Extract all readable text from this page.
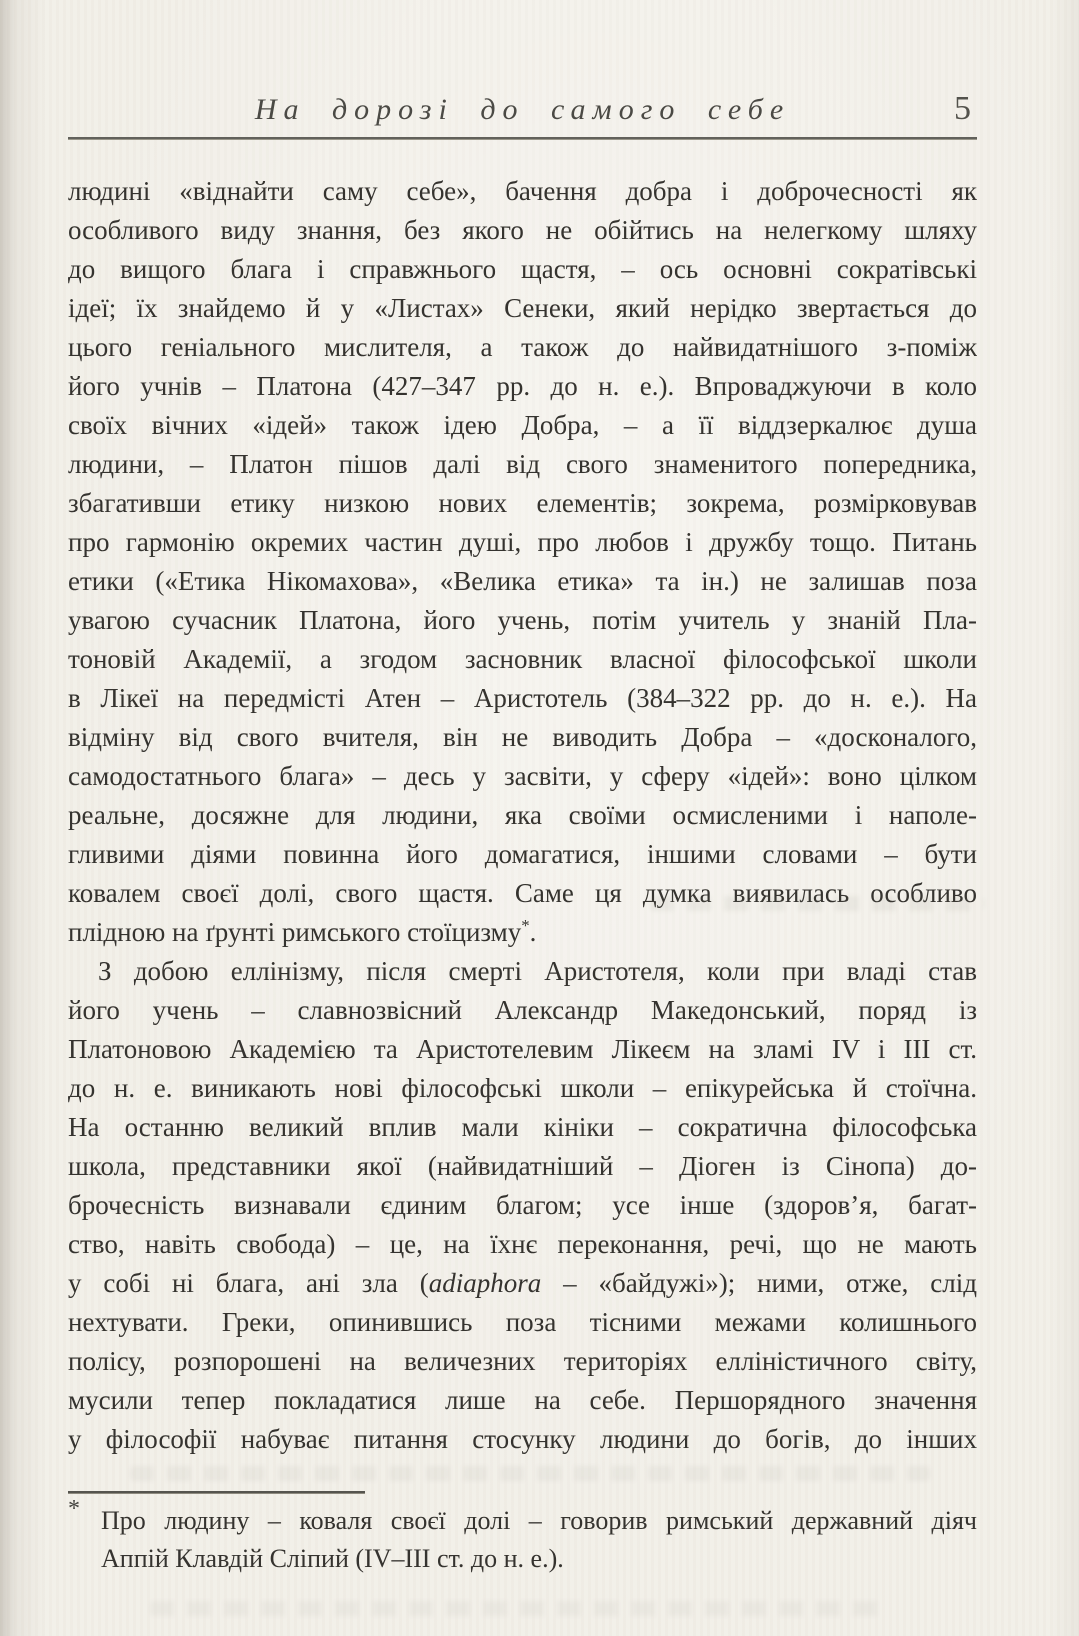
На дорозі до самого себе	5
людині «віднайти саму себе», бачення добра і доброчесності як
особливого виду знання, без якого не обійтись на нелегкому шляху
до вищого блага і справжнього щастя, – ось основні сократівські
ідеї; їх знайдемо й у «Листах» Сенеки, який нерідко звертається до
цього геніального мислителя, а також до найвидатнішого з-поміж
його учнів – Платона (427–347 рр. до н. е.). Впроваджуючи в коло
своїх вічних «ідей» також ідею Добра, – а її віддзеркалює душа
людини, – Платон пішов далі від свого знаменитого попередника,
збагативши етику низкою нових елементів; зокрема, розмірковував
про гармонію окремих частин душі, про любов і дружбу тощо. Питань
етики («Етика Нікомахова», «Велика етика» та ін.) не залишав поза
увагою сучасник Платона, його учень, потім учитель у знаній Пла-
тоновій Академії, а згодом засновник власної філософської школи
в Лікеї на передмісті Атен – Аристотель (384–322 рр. до н. е.). На
відміну від свого вчителя, він не виводить Добра – «досконалого,
самодостатнього блага» – десь у засвіти, у сферу «ідей»: воно цілком
реальне, досяжне для людини, яка своїми осмисленими і наполе-
гливими діями повинна його домагатися, іншими словами – бути
ковалем своєї долі, свого щастя. Саме ця думка виявилась особливо
плідною на ґрунті римського стоїцизму*.
З добою еллінізму, після смерті Аристотеля, коли при владі став
його учень – славнозвісний Александр Македонський, поряд із
Платоновою Академією та Аристотелевим Лікеєм на зламі IV і III ст.
до н. е. виникають нові філософські школи – епікурейська й стоїчна.
На останню великий вплив мали кініки – сократична філософська
школа, представники якої (найвидатніший – Діоген із Сінопа) до-
брочесність визнавали єдиним благом; усе інше (здоров’я, багат-
ство, навіть свобода) – це, на їхнє переконання, речі, що не мають
у собі ні блага, ані зла (adiaphora – «байдужі»); ними, отже, слід
нехтувати. Греки, опинившись поза тісними межами колишнього
полісу, розпорошені на величезних територіях елліністичного світу,
мусили тепер покладатися лише на себе. Першорядного значення
у філософії набуває питання стосунку людини до богів, до інших
* Про людину – коваля своєї долі – говорив римський державний діяч
Аппій Клавдій Сліпий (IV–III ст. до н. е.).
